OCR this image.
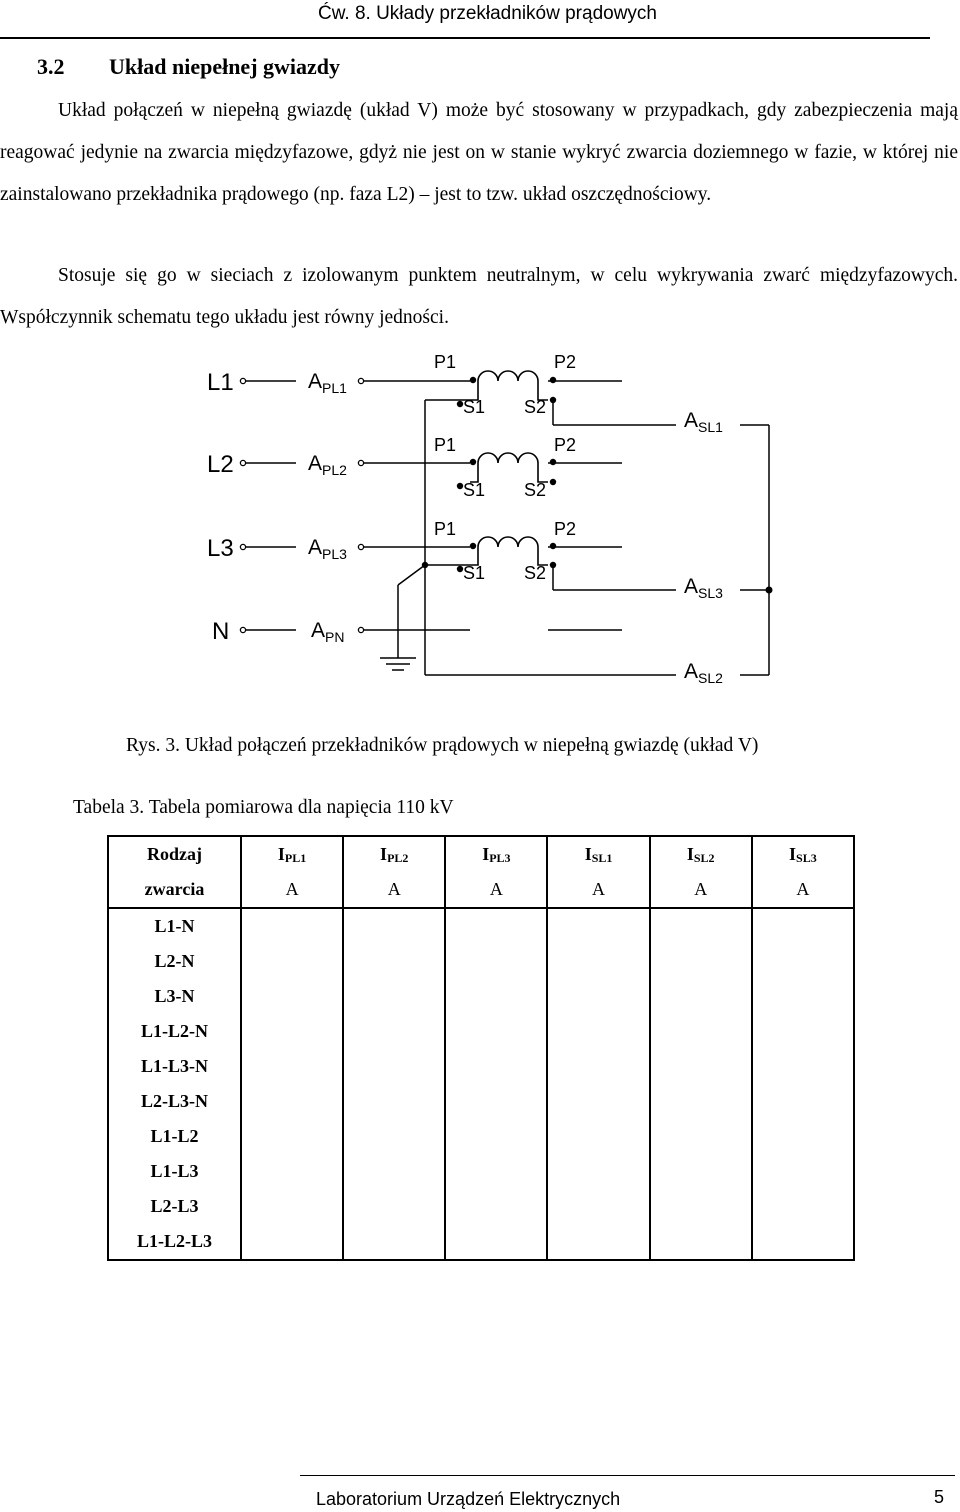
Ćw. 8. Układy przekładników prądowych
3.2 Układ niepełnej gwiazdy
Układ połączeń w niepełną gwiazdę (układ V) może być stosowany w przypadkach, gdy zabezpieczenia mają reagować jedynie na zwarcia międzyfazowe, gdyż nie jest on w stanie wykryć zwarcia doziemnego w fazie, w której nie zainstalowano przekładnika prądowego (np. faza L2) – jest to tzw. układ oszczędnościowy.
Stosuje się go w sieciach z izolowanym punktem neutralnym, w celu wykrywania zwarć międzyfazowych. Współczynnik schematu tego układu jest równy jedności.
L1
L2
L3
N
P1	P2
S1 S2
P1	P2
S1 S2
P1	P2
S1 S2
$A_{PL1}$
$A_{PL2}$
$A_{PL3}$
$A_{PN}$
$A_{SL1}$
$A_{SL3}$
$A_{SL2}$
Rys. 3. Układ połączeń przekładników prądowych w niepełną gwiazdę (układ V)
Tabela 3. Tabela pomiarowa dla napięcia 110 kV
Rodzaj	$I_{PL1}$	$I_{PL2}$	$I_{PL3}$	$I_{SL1}$	$I_{SL2}$	$I_{SL3}$
zwarcia	A	A	A	A	A	A
L1-N						
L2-N						
L3-N						
L1-L2-N						
L1-L3-N						
L2-L3-N						
L1-L2						
L1-L3						
L2-L3						
L1-L2-L3						
Laboratorium Urządzeń Elektrycznych	5
